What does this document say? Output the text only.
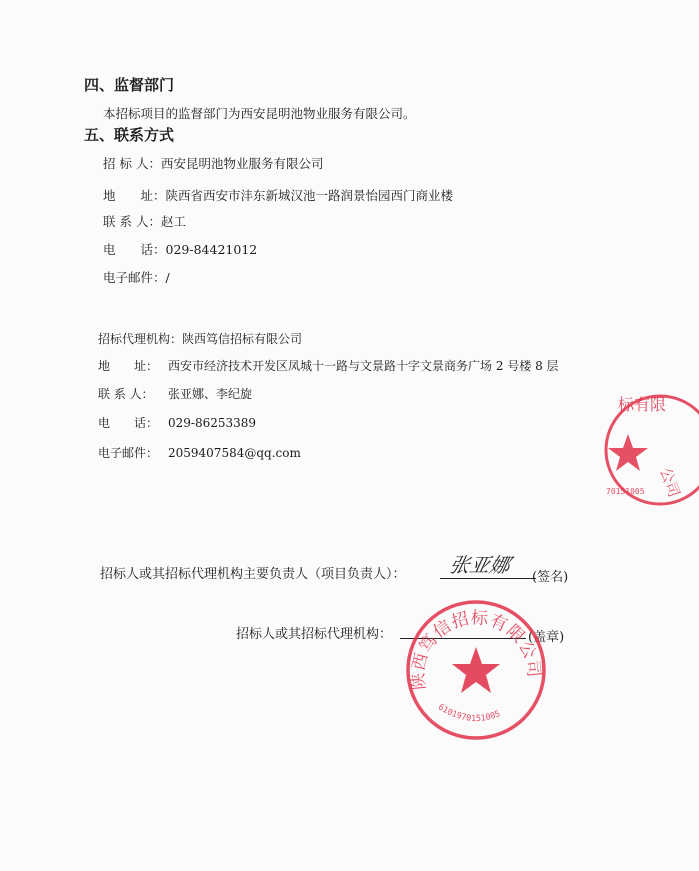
四、监督部门
本招标项目的监督部门为西安昆明池物业服务有限公司。
五、联系方式
招 标 人：西安昆明池物业服务有限公司
地　　址：陕西省西安市沣东新城汉池一路润景怡园西门商业楼
联 系 人：赵工
电　　话：029-84421012
电子邮件：/
招标代理机构：陕西笃信招标有限公司
地　　址： 西安市经济技术开发区凤城十一路与文景路十字文景商务广场 2 号楼 8 层
联 系 人： 张亚娜、李纪旋
电　　话： 029-86253389
电子邮件： 2059407584@qq.com
标有限
公司
70151005
招标人或其招标代理机构主要负责人（项目负责人）： 张亚娜
(签名)
招标人或其招标代理机构：	(盖章)
陕西笃信招标有限公司
6101970151005
